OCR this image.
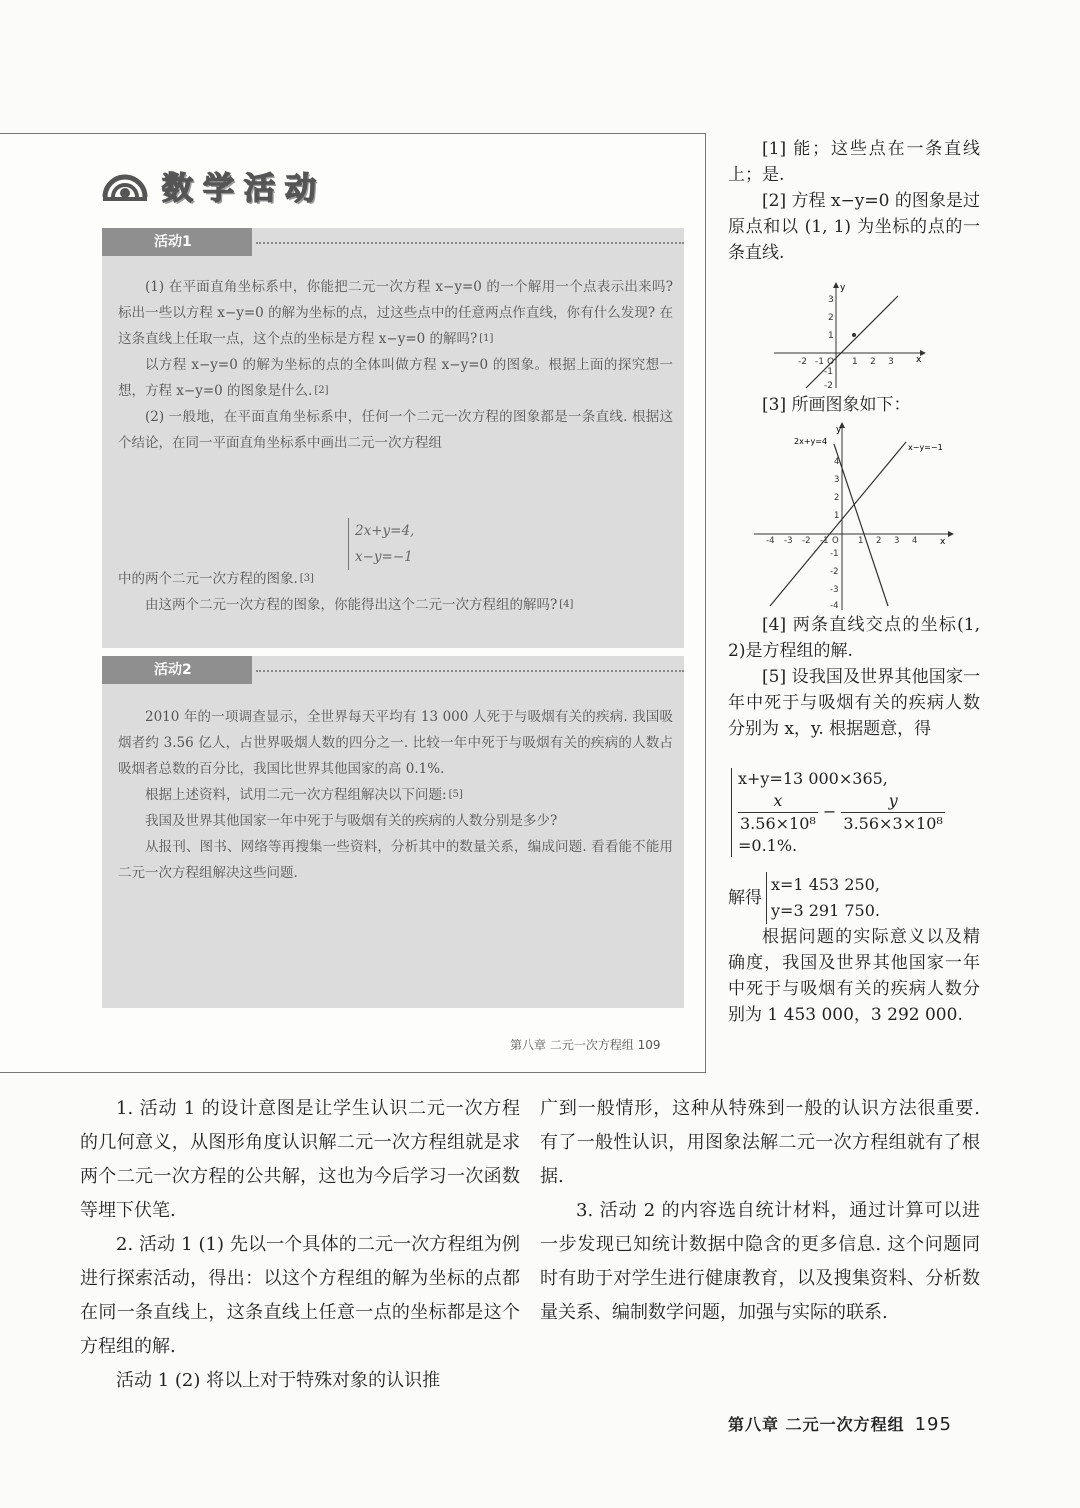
数学活动
活动1
活动2

(1) 在平面直角坐标系中，你能把二元一次方程 x−y=0 的一个解用一个点表示出来吗? 标出一些以方程 x−y=0 的解为坐标的点，过这些点中的任意两点作直线，你有什么发现? 在这条直线上任取一点，这个点的坐标是方程 x−y=0 的解吗? [1]

以方程 x−y=0 的解为坐标的点的全体叫做方程 x−y=0 的图象。根据上面的探究想一想，方程 x−y=0 的图象是什么. [2]

(2) 一般地，在平面直角坐标系中，任何一个二元一次方程的图象都是一条直线. 根据这个结论，在同一平面直角坐标系中画出二元一次方程组

2x+y=4,
x−y=−1

中的两个二元一次方程的图象. [3]

由这两个二元一次方程的图象，你能得出这个二元一次方程组的解吗? [4]

2010 年的一项调查显示，全世界每天平均有 13 000 人死于与吸烟有关的疾病. 我国吸烟者约 3.56 亿人，占世界吸烟人数的四分之一. 比较一年中死于与吸烟有关的疾病的人数占吸烟者总数的百分比，我国比世界其他国家的高 0.1%.

根据上述资料，试用二元一次方程组解决以下问题: [5]

我国及世界其他国家一年中死于与吸烟有关的疾病的人数分别是多少?

从报刊、图书、网络等再搜集一些资料，分析其中的数量关系，编成问题. 看看能不能用二元一次方程组解决这些问题.

第八章 二元一次方程组 109

[1] 能；这些点在一条直线上；是.

[2] 方程 x−y=0 的图象是过原点和以 (1, 1) 为坐标的点的一条直线.

x
y
-2 -1 O 1 2 3
3
2
1
-1
-2
[3] 所画图象如下：
2x+y=4
x−y=−1
x
y
-4 -3 -2 -1 O 1 2 3 4
4
3
2
1
-1
-2
-3
-4

[4] 两条直线交点的坐标(1, 2)是方程组的解.

[5] 设我国及世界其他国家一年中死于与吸烟有关的疾病人数分别为 x，y. 根据题意，得

x+y=13 000×365,
$\frac{x}{\text{3.56×10⁸}} - \frac{y}{\text{3.56×3×10⁸}}$
=0.1%.
解得
x=1 453 250,
y=3 291 750.

根据问题的实际意义以及精确度，我国及世界其他国家一年中死于与吸烟有关的疾病人数分别为 1 453 000，3 292 000.

1. 活动 1 的设计意图是让学生认识二元一次方程的几何意义，从图形角度认识解二元一次方程组就是求两个二元一次方程的公共解，这也为今后学习一次函数等埋下伏笔.

2. 活动 1 (1) 先以一个具体的二元一次方程组为例进行探索活动，得出：以这个方程组的解为坐标的点都在同一条直线上，这条直线上任意一点的坐标都是这个方程组的解.

活动 1 (2) 将以上对于特殊对象的认识推

广到一般情形，这种从特殊到一般的认识方法很重要. 有了一般性认识，用图象法解二元一次方程组就有了根据.

3. 活动 2 的内容选自统计材料，通过计算可以进一步发现已知统计数据中隐含的更多信息. 这个问题同时有助于对学生进行健康教育，以及搜集资料、分析数量关系、编制数学问题，加强与实际的联系.

第八章 二元一次方程组 195
